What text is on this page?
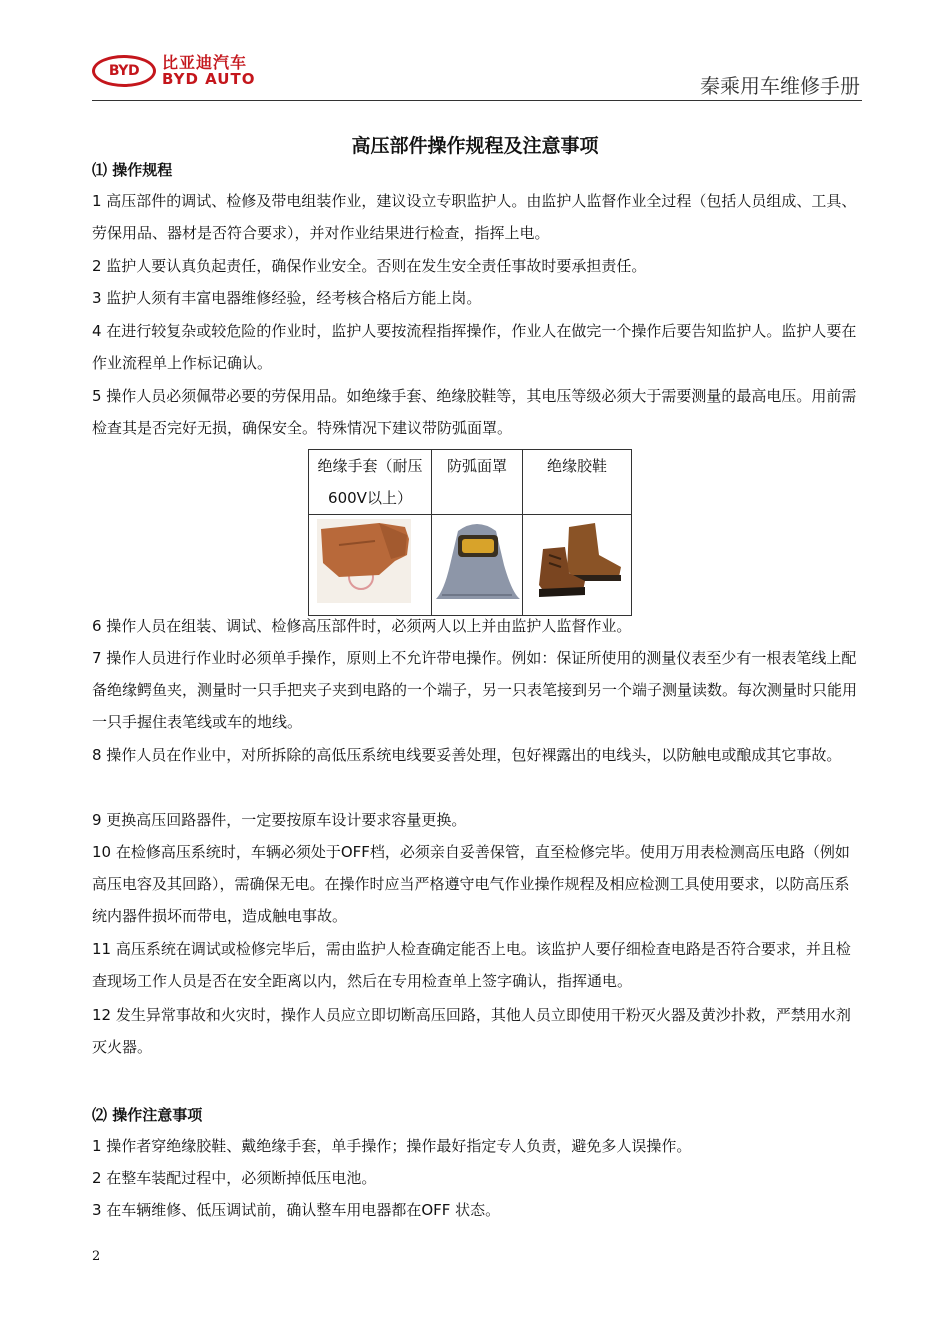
BYD	比亚迪汽车
BYD AUTO	秦乘用车维修手册
高压部件操作规程及注意事项
⑴ 操作规程
1 高压部件的调试、检修及带电组装作业，建议设立专职监护人。由监护人监督作业全过程（包括人员组成、工具、劳保用品、器材是否符合要求），并对作业结果进行检查，指挥上电。
2 监护人要认真负起责任，确保作业安全。否则在发生安全责任事故时要承担责任。
3 监护人须有丰富电器维修经验，经考核合格后方能上岗。
4 在进行较复杂或较危险的作业时，监护人要按流程指挥操作，作业人在做完一个操作后要告知监护人。监护人要在作业流程单上作标记确认。
5 操作人员必须佩带必要的劳保用品。如绝缘手套、绝缘胶鞋等，其电压等级必须大于需要测量的最高电压。用前需检查其是否完好无损，确保安全。特殊情况下建议带防弧面罩。
绝缘手套（耐压600V以上）	防弧面罩	绝缘胶鞋

6 操作人员在组装、调试、检修高压部件时，必须两人以上并由监护人监督作业。
7 操作人员进行作业时必须单手操作，原则上不允许带电操作。例如：保证所使用的测量仪表至少有一根表笔线上配备绝缘鳄鱼夹，测量时一只手把夹子夹到电路的一个端子，另一只表笔接到另一个端子测量读数。每次测量时只能用一只手握住表笔线或车的地线。
8 操作人员在作业中，对所拆除的高低压系统电线要妥善处理，包好裸露出的电线头，以防触电或酿成其它事故。
9 更换高压回路器件，一定要按原车设计要求容量更换。
10 在检修高压系统时，车辆必须处于OFF档，必须亲自妥善保管，直至检修完毕。使用万用表检测高压电路（例如高压电容及其回路），需确保无电。在操作时应当严格遵守电气作业操作规程及相应检测工具使用要求，以防高压系统内器件损坏而带电，造成触电事故。
11 高压系统在调试或检修完毕后，需由监护人检查确定能否上电。该监护人要仔细检查电路是否符合要求，并且检查现场工作人员是否在安全距离以内，然后在专用检查单上签字确认，指挥通电。
12 发生异常事故和火灾时，操作人员应立即切断高压回路，其他人员立即使用干粉灭火器及黄沙扑救，严禁用水剂灭火器。
⑵ 操作注意事项
1 操作者穿绝缘胶鞋、戴绝缘手套，单手操作；操作最好指定专人负责，避免多人误操作。
2 在整车装配过程中，必须断掉低压电池。
3 在车辆维修、低压调试前，确认整车用电器都在OFF 状态。
2
